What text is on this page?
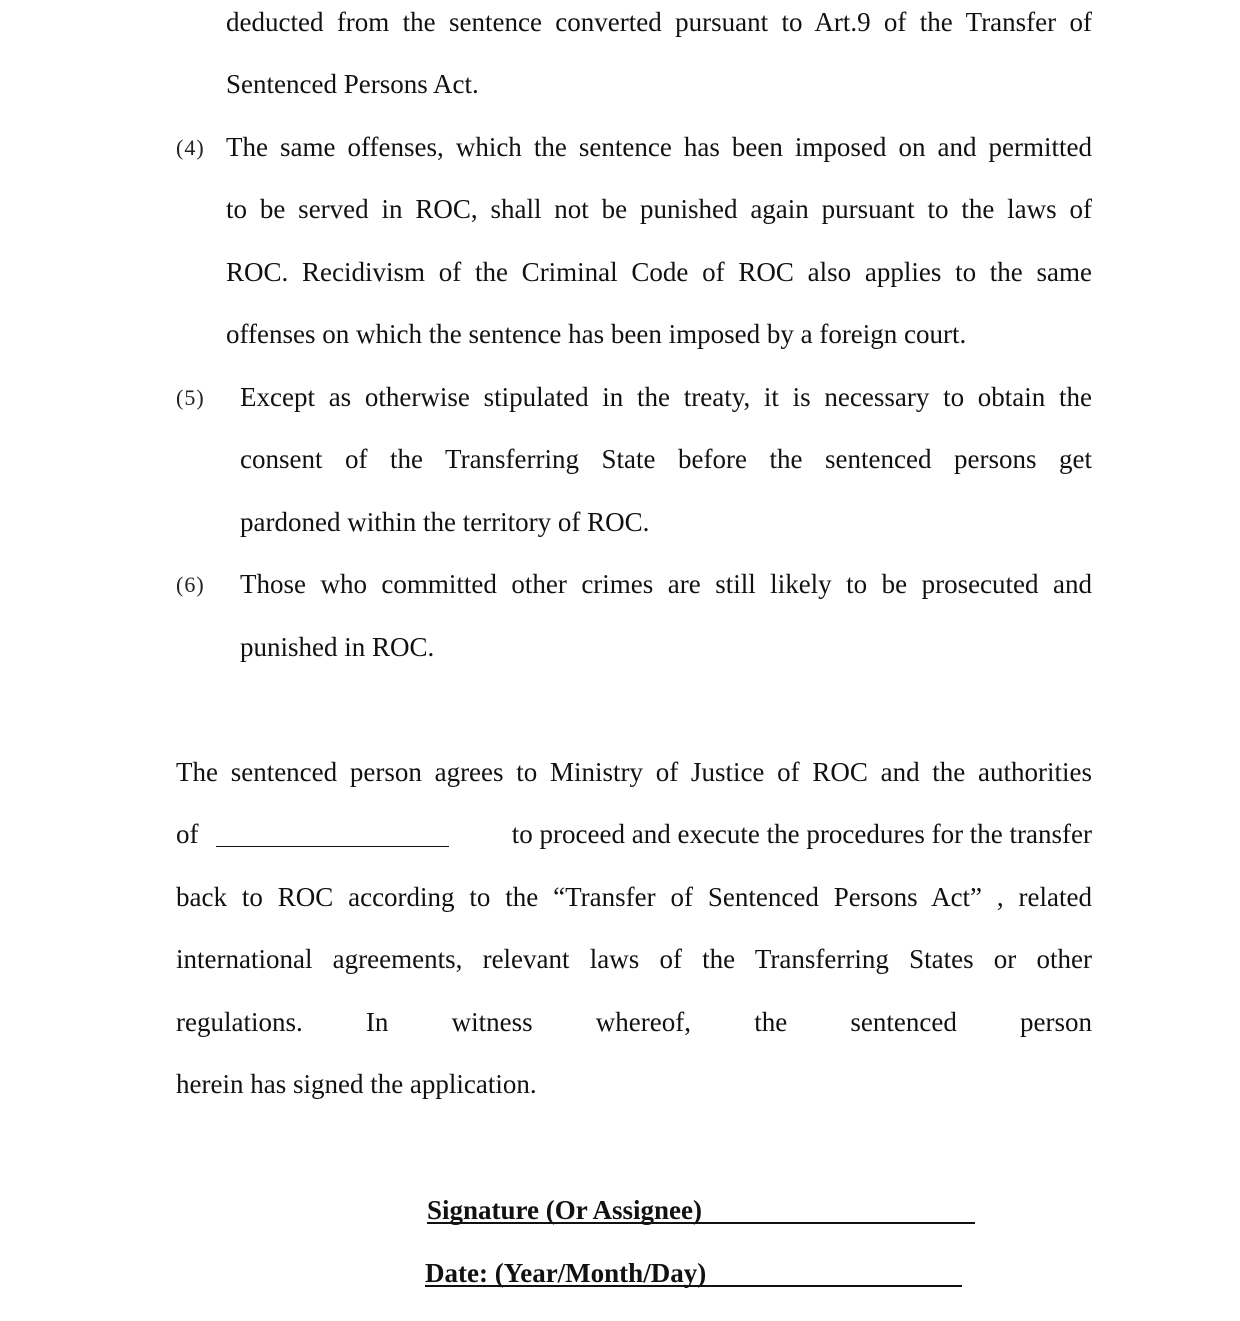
deducted from the sentence converted pursuant to Art.9 of the Transfer of
Sentenced Persons Act.
(4) The same offenses, which the sentence has been imposed on and permitted
to be served in ROC, shall not be punished again pursuant to the laws of
ROC. Recidivism of the Criminal Code of ROC also applies to the same
offenses on which the sentence has been imposed by a foreign court.
(5) Except as otherwise stipulated in the treaty, it is necessary to obtain the
consent of the Transferring State before the sentenced persons get
pardoned within the territory of ROC.
(6) Those who committed other crimes are still likely to be prosecuted and
punished in ROC.
The sentenced person agrees to Ministry of Justice of ROC and the authorities
of	to proceed and execute the procedures for the transfer
back to ROC according to the “Transfer of Sentenced Persons Act” , related
international agreements, relevant laws of the Transferring States or other
regulations. In witness whereof, the sentenced person
herein has signed the application.
Signature (Or Assignee)
Date: (Year/Month/Day)
